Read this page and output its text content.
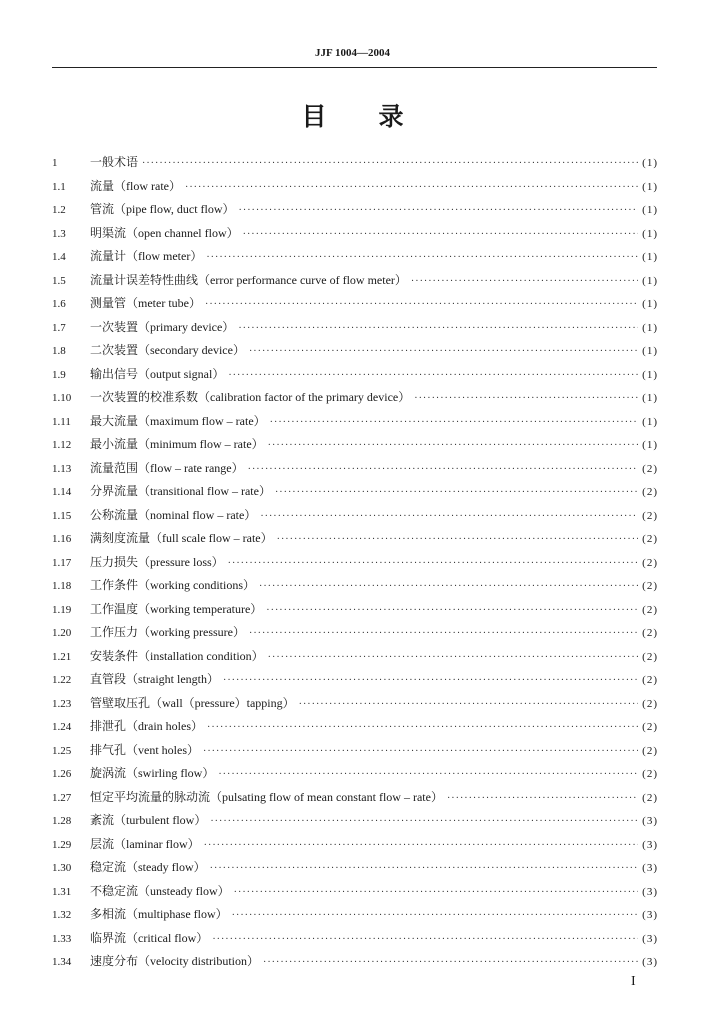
JJF 1004—2004
目录
1	一般术语 ·····	(1)
1.1	流量（flow rate） ·····	(1)
1.2	管流（pipe flow, duct flow） ·····	(1)
1.3	明渠流（open channel flow） ·····	(1)
1.4	流量计（flow meter） ·····	(1)
1.5	流量计误差特性曲线（error performance curve of flow meter） ·····	(1)
1.6	测量管（meter tube） ·····	(1)
1.7	一次装置（primary device） ·····	(1)
1.8	二次装置（secondary device） ·····	(1)
1.9	输出信号（output signal） ·····	(1)
1.10	一次装置的校准系数（calibration factor of the primary device） ·····	(1)
1.11	最大流量（maximum flow – rate） ·····	(1)
1.12	最小流量（minimum flow – rate） ·····	(1)
1.13	流量范围（flow – rate range） ·····	(2)
1.14	分界流量（transitional flow – rate） ·····	(2)
1.15	公称流量（nominal flow – rate） ·····	(2)
1.16	满刻度流量（full scale flow – rate） ·····	(2)
1.17	压力损失（pressure loss） ·····	(2)
1.18	工作条件（working conditions） ·····	(2)
1.19	工作温度（working temperature） ·····	(2)
1.20	工作压力（working pressure） ·····	(2)
1.21	安装条件（installation condition） ·····	(2)
1.22	直管段（straight length） ·····	(2)
1.23	管壁取压孔（wall（pressure）tapping） ·····	(2)
1.24	排泄孔（drain holes） ·····	(2)
1.25	排气孔（vent holes） ·····	(2)
1.26	旋涡流（swirling flow） ·····	(2)
1.27	恒定平均流量的脉动流（pulsating flow of mean constant flow – rate） ·····	(2)
1.28	紊流（turbulent flow） ·····	(3)
1.29	层流（laminar flow） ·····	(3)
1.30	稳定流（steady flow） ·····	(3)
1.31	不稳定流（unsteady flow） ·····	(3)
1.32	多相流（multiphase flow） ·····	(3)
1.33	临界流（critical flow） ·····	(3)
1.34	速度分布（velocity distribution） ·····	(3)
I
